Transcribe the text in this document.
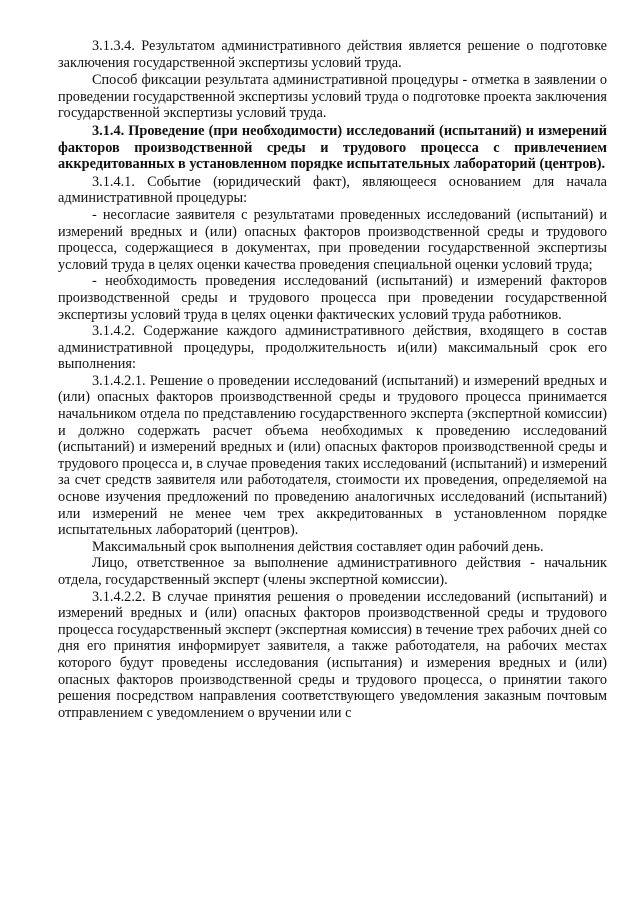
3.1.3.4. Результатом административного действия является решение о подготовке заключения государственной экспертизы условий труда.

Способ фиксации результата административной процедуры - отметка в заявлении о проведении государственной экспертизы условий труда о подготовке проекта заключения государственной экспертизы условий труда.

3.1.4. Проведение (при необходимости) исследований (испытаний) и измерений факторов производственной среды и трудового процесса с привлечением аккредитованных в установленном порядке испытательных лабораторий (центров).

3.1.4.1. Событие (юридический факт), являющееся основанием для начала административной процедуры:

- несогласие заявителя с результатами проведенных исследований (испытаний) и измерений вредных и (или) опасных факторов производственной среды и трудового процесса, содержащиеся в документах, при проведении государственной экспертизы условий труда в целях оценки качества проведения специальной оценки условий труда;

- необходимость проведения исследований (испытаний) и измерений факторов производственной среды и трудового процесса при проведении государственной экспертизы условий труда в целях оценки фактических условий труда работников.

3.1.4.2. Содержание каждого административного действия, входящего в состав административной процедуры, продолжительность и(или) максимальный срок его выполнения:

3.1.4.2.1. Решение о проведении исследований (испытаний) и измерений вредных и (или) опасных факторов производственной среды и трудового процесса принимается начальником отдела по представлению государственного эксперта (экспертной комиссии) и должно содержать расчет объема необходимых к проведению исследований (испытаний) и измерений вредных и (или) опасных факторов производственной среды и трудового процесса и, в случае проведения таких исследований (испытаний) и измерений за счет средств заявителя или работодателя, стоимости их проведения, определяемой на основе изучения предложений по проведению аналогичных исследований (испытаний) или измерений не менее чем трех аккредитованных в установленном порядке испытательных лабораторий (центров).

Максимальный срок выполнения действия составляет один рабочий день.

Лицо, ответственное за выполнение административного действия - начальник отдела, государственный эксперт (члены экспертной комиссии).

3.1.4.2.2. В случае принятия решения о проведении исследований (испытаний) и измерений вредных и (или) опасных факторов производственной среды и трудового процесса государственный эксперт (экспертная комиссия) в течение трех рабочих дней со дня его принятия информирует заявителя, а также работодателя, на рабочих местах которого будут проведены исследования (испытания) и измерения вредных и (или) опасных факторов производственной среды и трудового процесса, о принятии такого решения посредством направления соответствующего уведомления заказным почтовым отправлением с уведомлением о вручении или с
